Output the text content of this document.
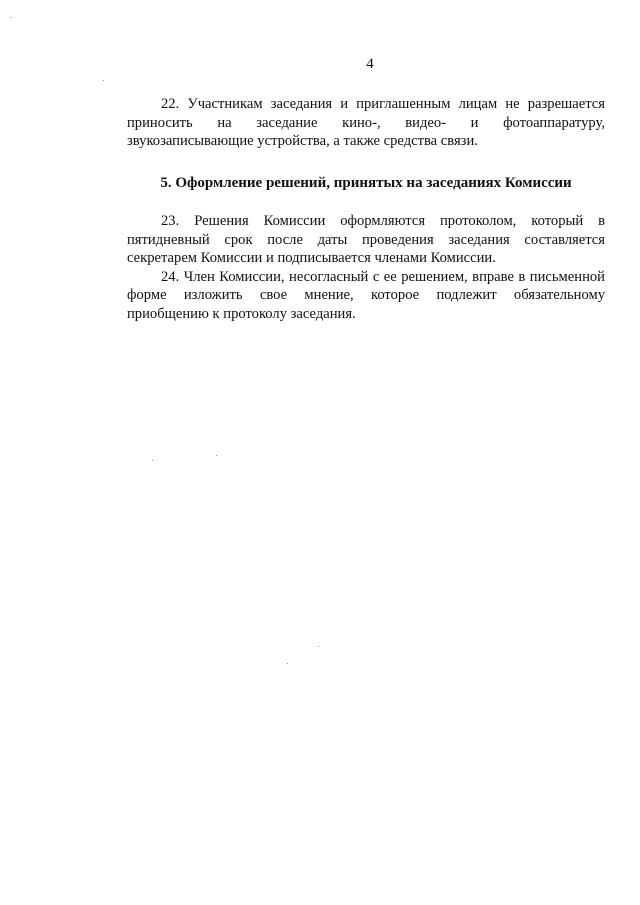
4

22. Участникам заседания и приглашенным лицам не разрешается приносить на заседание кино-, видео- и фотоаппаратуру, звукозаписывающие устройства, а также средства связи.

5. Оформление решений, принятых на заседаниях Комиссии

23. Решения Комиссии оформляются протоколом, который в пятидневный срок после даты проведения заседания составляется секретарем Комиссии и подписывается членами Комиссии.

24. Член Комиссии, несогласный с ее решением, вправе в письменной форме изложить свое мнение, которое подлежит обязательному приобщению к протоколу заседания.
